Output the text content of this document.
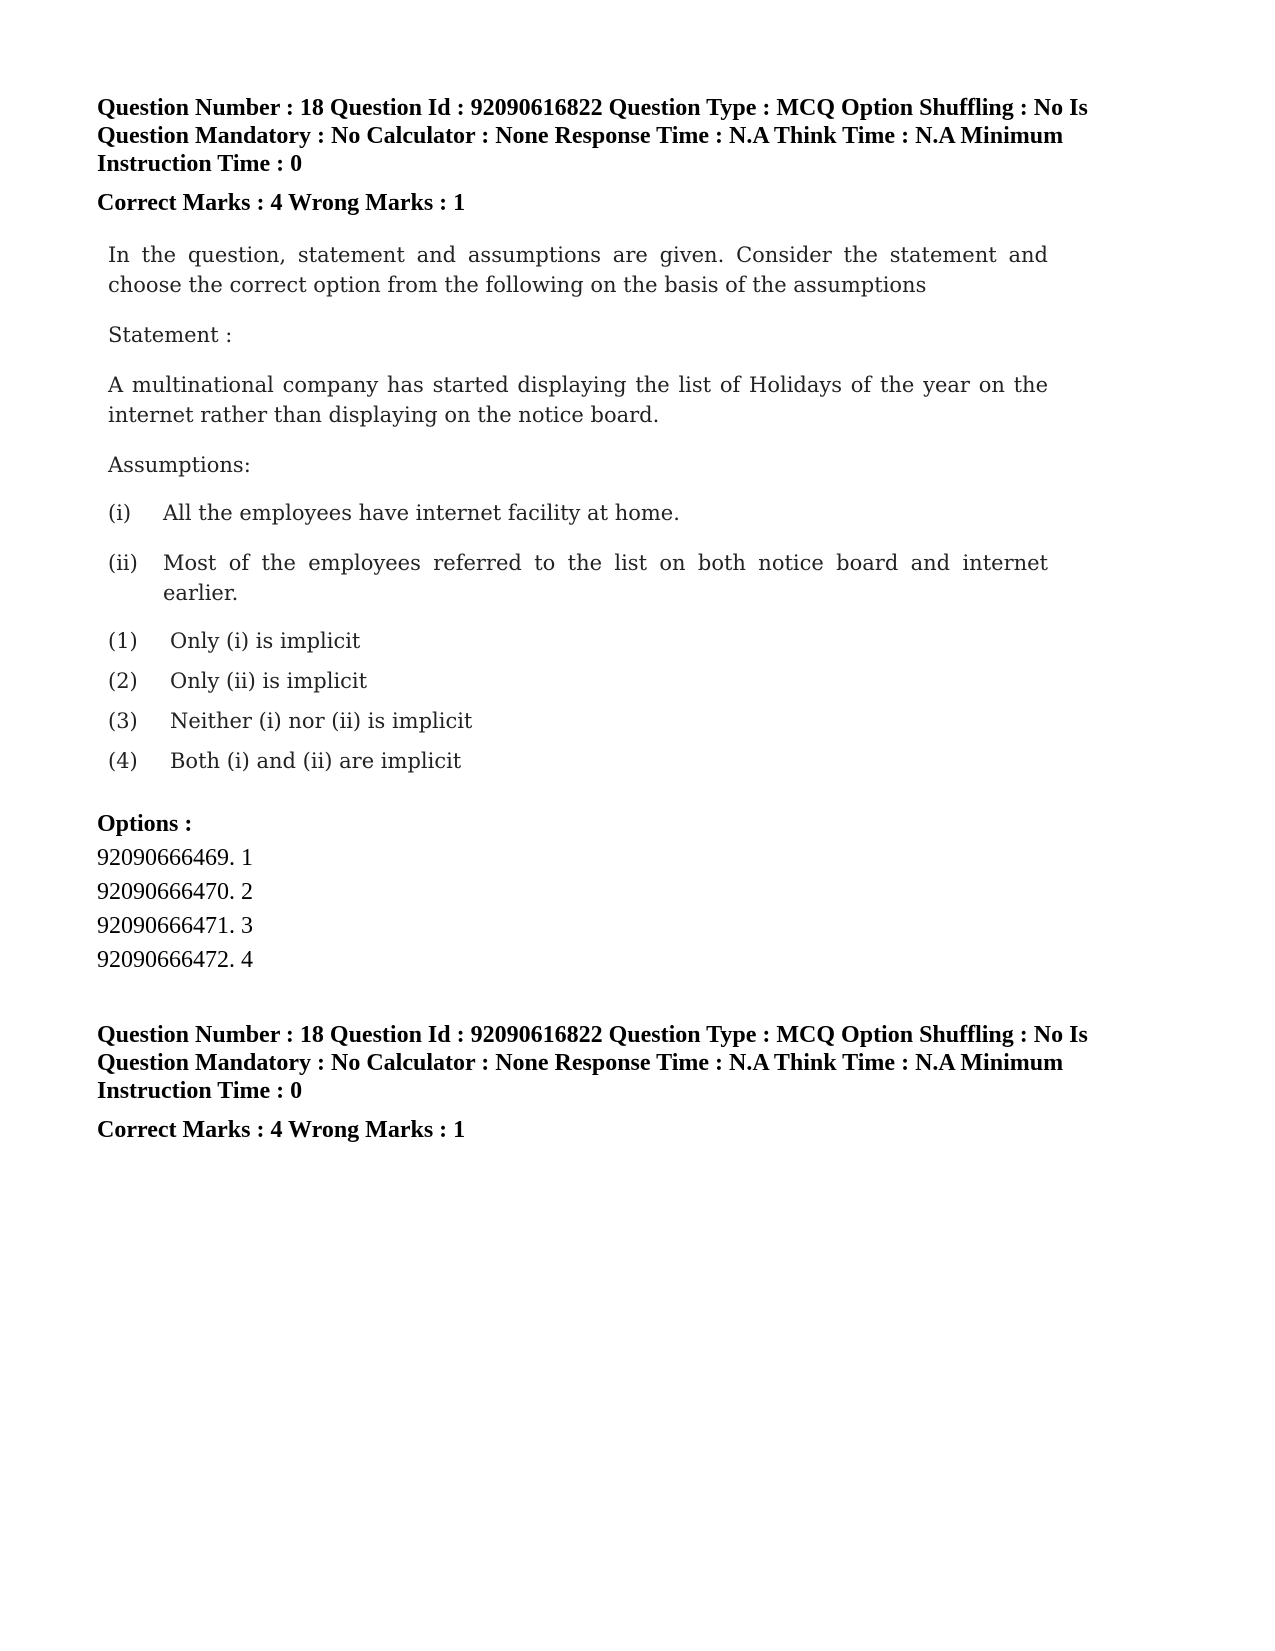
Question Number : 18 Question Id : 92090616822 Question Type : MCQ Option Shuffling : No Is
Question Mandatory : No Calculator : None Response Time : N.A Think Time : N.A Minimum
Instruction Time : 0
Correct Marks : 4 Wrong Marks : 1
In the question, statement and assumptions are given. Consider the statement and
choose the correct option from the following on the basis of the assumptions
Statement :
A multinational company has started displaying the list of Holidays of the year on the
internet rather than displaying on the notice board.
Assumptions:
(i) All the employees have internet facility at home.
(ii) Most of the employees referred to the list on both notice board and internet
earlier.
(1) Only (i) is implicit
(2) Only (ii) is implicit
(3) Neither (i) nor (ii) is implicit
(4) Both (i) and (ii) are implicit
Options :
92090666469. 1
92090666470. 2
92090666471. 3
92090666472. 4
Question Number : 18 Question Id : 92090616822 Question Type : MCQ Option Shuffling : No Is
Question Mandatory : No Calculator : None Response Time : N.A Think Time : N.A Minimum
Instruction Time : 0
Correct Marks : 4 Wrong Marks : 1
